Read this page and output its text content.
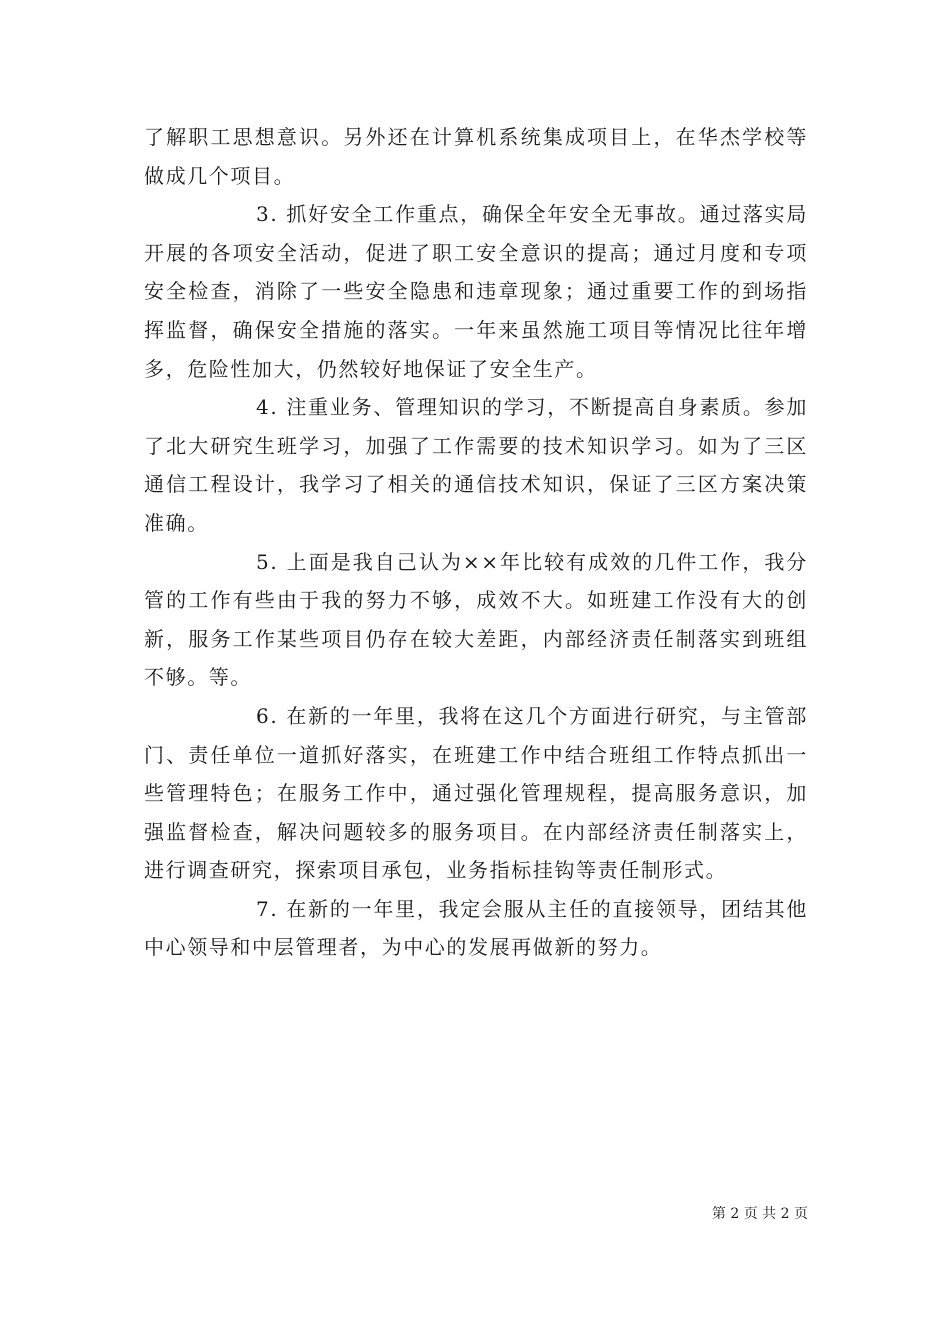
了解职工思想意识。另外还在计算机系统集成项目上，在华杰学校等做成几个项目。

3. 抓好安全工作重点，确保全年安全无事故。通过落实局开展的各项安全活动，促进了职工安全意识的提高；通过月度和专项安全检查，消除了一些安全隐患和违章现象；通过重要工作的到场指挥监督，确保安全措施的落实。一年来虽然施工项目等情况比往年增多，危险性加大，仍然较好地保证了安全生产。

4. 注重业务、管理知识的学习，不断提高自身素质。参加了北大研究生班学习，加强了工作需要的技术知识学习。如为了三区通信工程设计，我学习了相关的通信技术知识，保证了三区方案决策准确。

5. 上面是我自己认为××年比较有成效的几件工作，我分管的工作有些由于我的努力不够，成效不大。如班建工作没有大的创新，服务工作某些项目仍存在较大差距，内部经济责任制落实到班组不够。等。

6. 在新的一年里，我将在这几个方面进行研究，与主管部门、责任单位一道抓好落实，在班建工作中结合班组工作特点抓出一些管理特色；在服务工作中，通过强化管理规程，提高服务意识，加强监督检查，解决问题较多的服务项目。在内部经济责任制落实上，进行调查研究，探索项目承包，业务指标挂钩等责任制形式。

7. 在新的一年里，我定会服从主任的直接领导，团结其他中心领导和中层管理者，为中心的发展再做新的努力。

第 2 页 共 2 页
